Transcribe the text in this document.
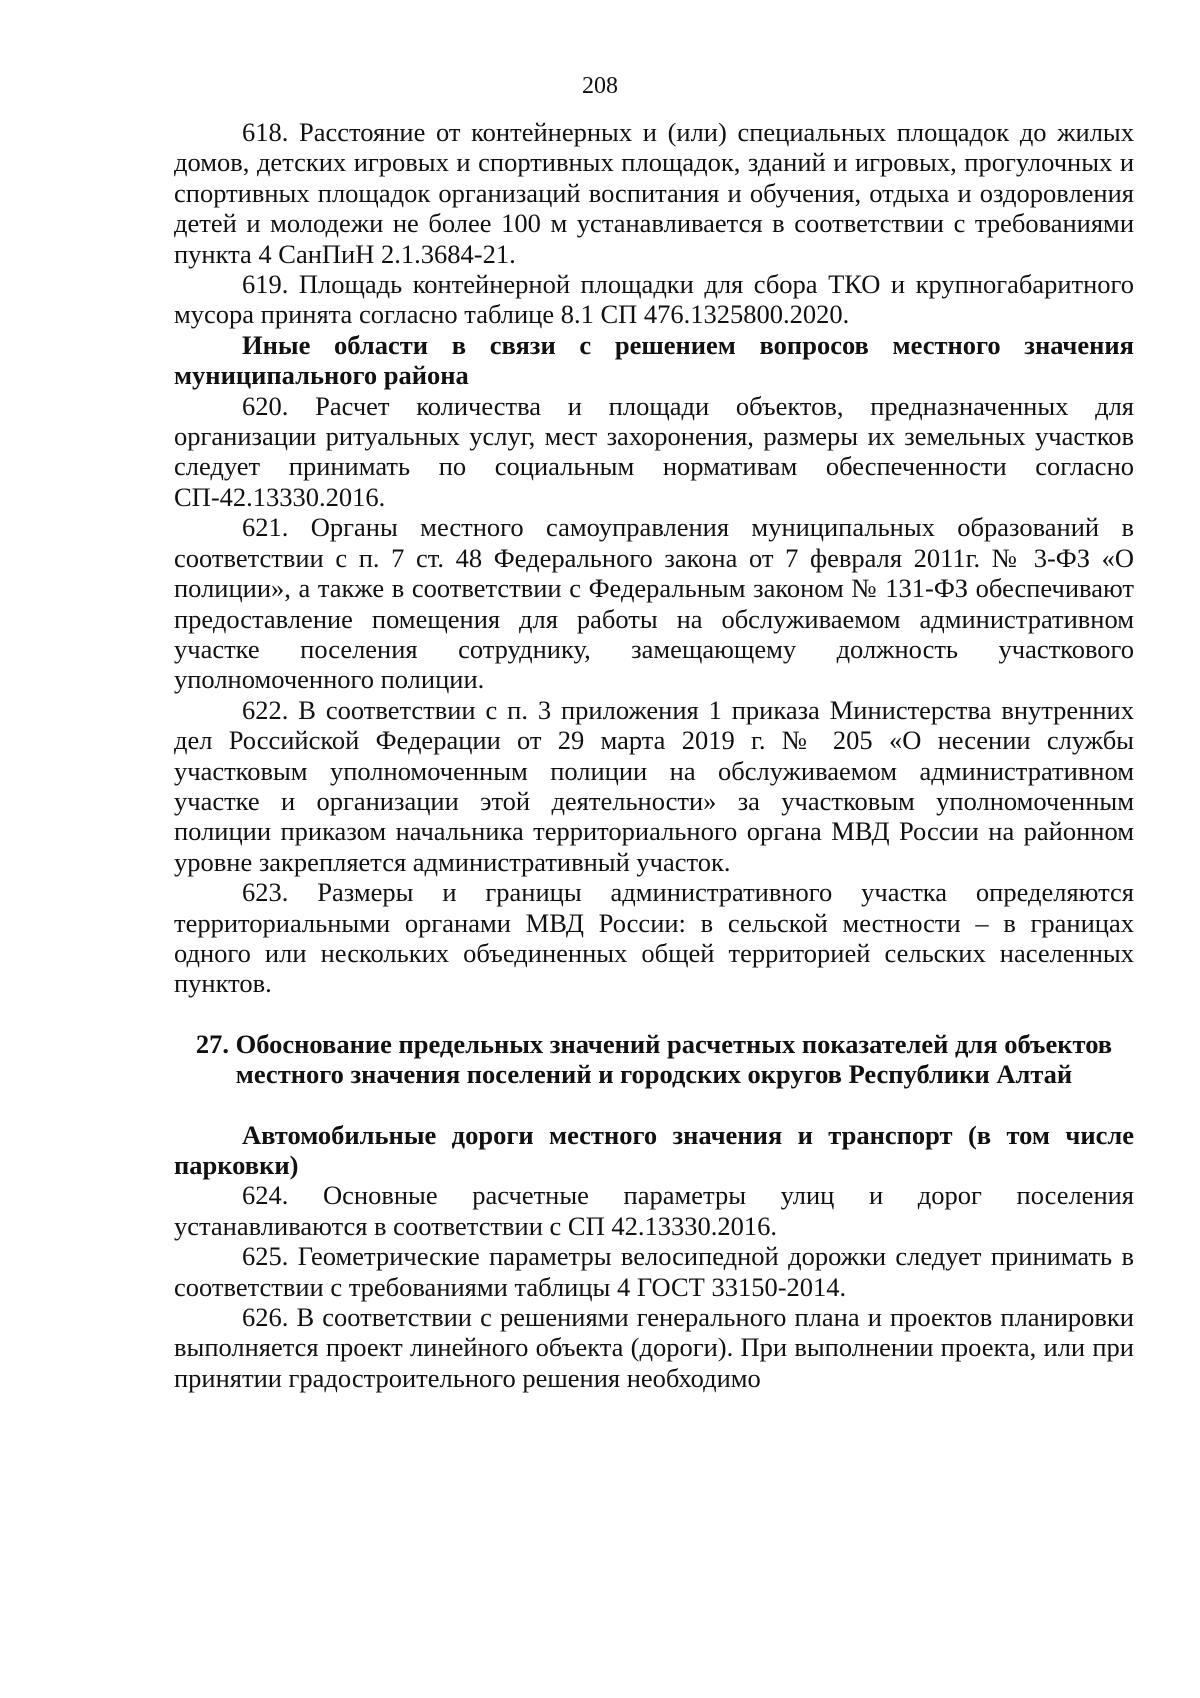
208

618. Расстояние от контейнерных и (или) специальных площадок до жилых домов, детских игровых и спортивных площадок, зданий и игровых, прогулочных и спортивных площадок организаций воспитания и обучения, отдыха и оздоровления детей и молодежи не более 100 м устанавливается в соответствии с требованиями пункта 4 СанПиН 2.1.3684-21.

619. Площадь контейнерной площадки для сбора ТКО и крупногабаритного мусора принята согласно таблице 8.1 СП 476.1325800.2020.

Иные области в связи с решением вопросов местного значения муниципального района

620. Расчет количества и площади объектов, предназначенных для организации ритуальных услуг, мест захоронения, размеры их земельных участков следует принимать по социальным нормативам обеспеченности согласно СП-42.13330.2016.

621. Органы местного самоуправления муниципальных образований в соответствии с п. 7 ст. 48 Федерального закона от 7 февраля 2011г. № 3-ФЗ «О полиции», а также в соответствии с Федеральным законом № 131-ФЗ обеспечивают предоставление помещения для работы на обслуживаемом административном участке поселения сотруднику, замещающему должность участкового уполномоченного полиции.

622. В соответствии с п. 3 приложения 1 приказа Министерства внутренних дел Российской Федерации от 29 марта 2019 г. № 205 «О несении службы участковым уполномоченным полиции на обслуживаемом административном участке и организации этой деятельности» за участковым уполномоченным полиции приказом начальника территориального органа МВД России на районном уровне закрепляется административный участок.

623. Размеры и границы административного участка определяются территориальными органами МВД России: в сельской местности – в границах одного или нескольких объединенных общей территорией сельских населенных пунктов.

27. Обоснование предельных значений расчетных показателей для объектов местного значения поселений и городских округов Республики Алтай

Автомобильные дороги местного значения и транспорт (в том числе парковки)

624. Основные расчетные параметры улиц и дорог поселения устанавливаются в соответствии с СП 42.13330.2016.

625. Геометрические параметры велосипедной дорожки следует принимать в соответствии с требованиями таблицы 4 ГОСТ 33150-2014.

626. В соответствии с решениями генерального плана и проектов планировки выполняется проект линейного объекта (дороги). При выполнении проекта, или при принятии градостроительного решения необходимо
